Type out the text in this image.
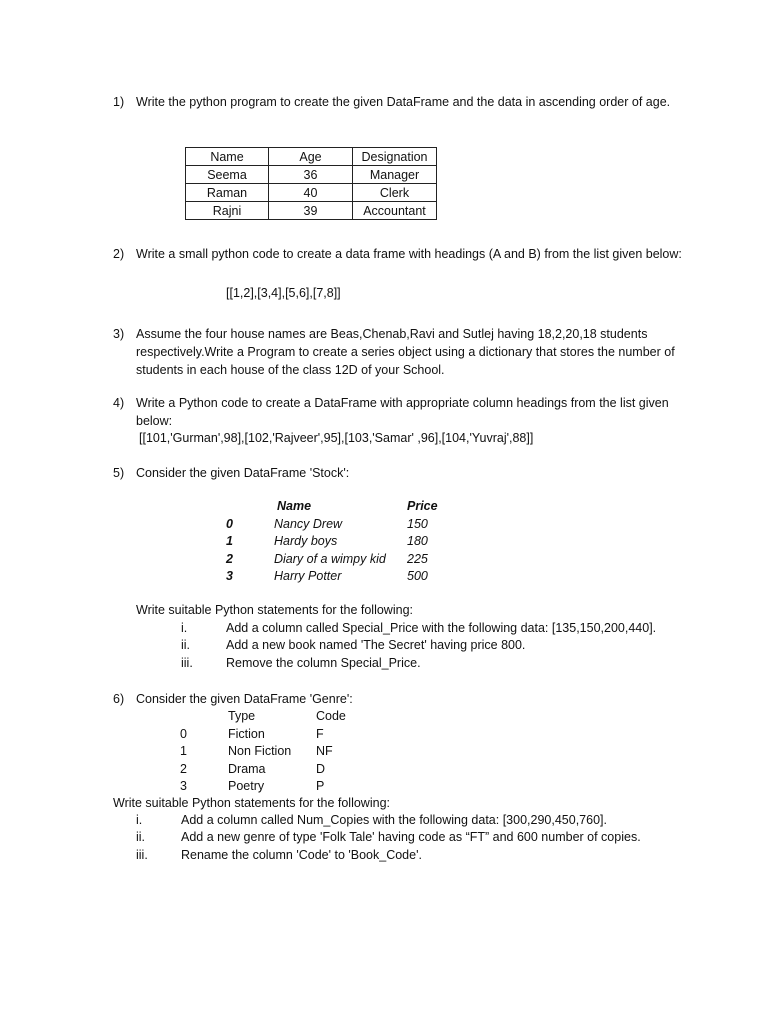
1) Write the python program to create the given DataFrame and the data in ascending order of age.
Name	Age	Designation
Seema	36	Manager
Raman	40	Clerk
Rajni	39	Accountant
2) Write a small python code to create a data frame with headings (A and B) from the list given below:
[[1,2],[3,4],[5,6],[7,8]]
3) Assume the four house names are Beas,Chenab,Ravi and Sutlej having 18,2,20,18 students respectively.Write a Program to create a series object using a dictionary that stores the number of students in each house of the class 12D of your School.
4) Write a Python code to create a DataFrame with appropriate column headings from the list given below:
[[101,'Gurman',98],[102,'Rajveer',95],[103,'Samar' ,96],[104,'Yuvraj',88]]
5) Consider the given DataFrame 'Stock':
Name	Price
0	Nancy Drew	150
1	Hardy boys	180
2	Diary of a wimpy kid 225
3	Harry Potter	500
Write suitable Python statements for the following:
i.	Add a column called Special_Price with the following data: [135,150,200,440].
ii.	Add a new book named 'The Secret' having price 800.
iii.	Remove the column Special_Price.
6) Consider the given DataFrame 'Genre':
Type	Code
0	Fiction	F
1	Non Fiction NF
2	Drama	D
3	Poetry	P
Write suitable Python statements for the following:
i.	Add a column called Num_Copies with the following data: [300,290,450,760].
ii.	Add a new genre of type 'Folk Tale' having code as “FT” and 600 number of copies.
iii.	Rename the column 'Code' to 'Book_Code'.
